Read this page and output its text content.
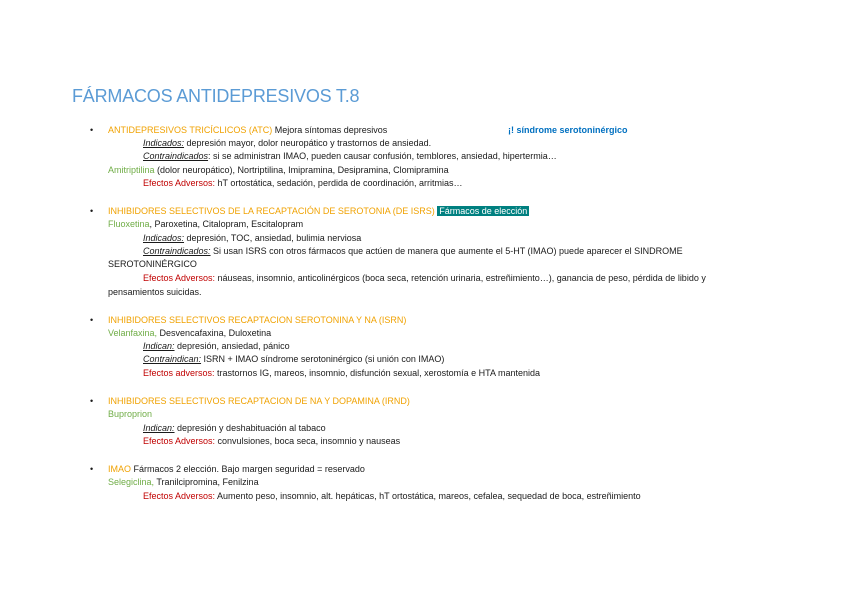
FÁRMACOS ANTIDEPRESIVOS T.8
• ANTIDEPRESIVOS TRICÍCLICOS (ATC) Mejora síntomas depresivos	¡! síndrome serotoninérgico
Indicados: depresión mayor, dolor neuropático y trastornos de ansiedad.
Contraindicados: si se administran IMAO, pueden causar confusión, temblores, ansiedad, hipertermia…
Amitriptilina (dolor neuropático), Nortriptilina, Imipramina, Desipramina, Clomipramina
Efectos Adversos: hT ortostática, sedación, perdida de coordinación, arritmias…
• INHIBIDORES SELECTIVOS DE LA RECAPTACIÓN DE SEROTONIA (DE ISRS) Fármacos de elección
Fluoxetina, Paroxetina, Citalopram, Escitalopram
Indicados: depresión, TOC, ansiedad, bulimia nerviosa
Contraindicados: Si usan ISRS con otros fármacos que actúen de manera que aumente el 5-HT (IMAO) puede aparecer el SINDROME
SEROTONINÉRGICO
Efectos Adversos: náuseas, insomnio, anticolinérgicos (boca seca, retención urinaria, estreñimiento…), ganancia de peso, pérdida de libido y
pensamientos suicidas.
• INHIBIDORES SELECTIVOS RECAPTACION SEROTONINA Y NA (ISRN)
Velanfaxina, Desvencafaxina, Duloxetina
Indican: depresión, ansiedad, pánico
Contraindican: ISRN + IMAO síndrome serotoninérgico (si unión con IMAO)
Efectos adversos: trastornos IG, mareos, insomnio, disfunción sexual, xerostomía e HTA mantenida
• INHIBIDORES SELECTIVOS RECAPTACION DE NA Y DOPAMINA (IRND)
Buproprion
Indican: depresión y deshabituación al tabaco
Efectos Adversos: convulsiones, boca seca, insomnio y nauseas
• IMAO Fármacos 2 elección. Bajo margen seguridad = reservado
Selegiclina, Tranilcipromina, Fenilzina
Efectos Adversos: Aumento peso, insomnio, alt. hepáticas, hT ortostática, mareos, cefalea, sequedad de boca, estreñimiento
